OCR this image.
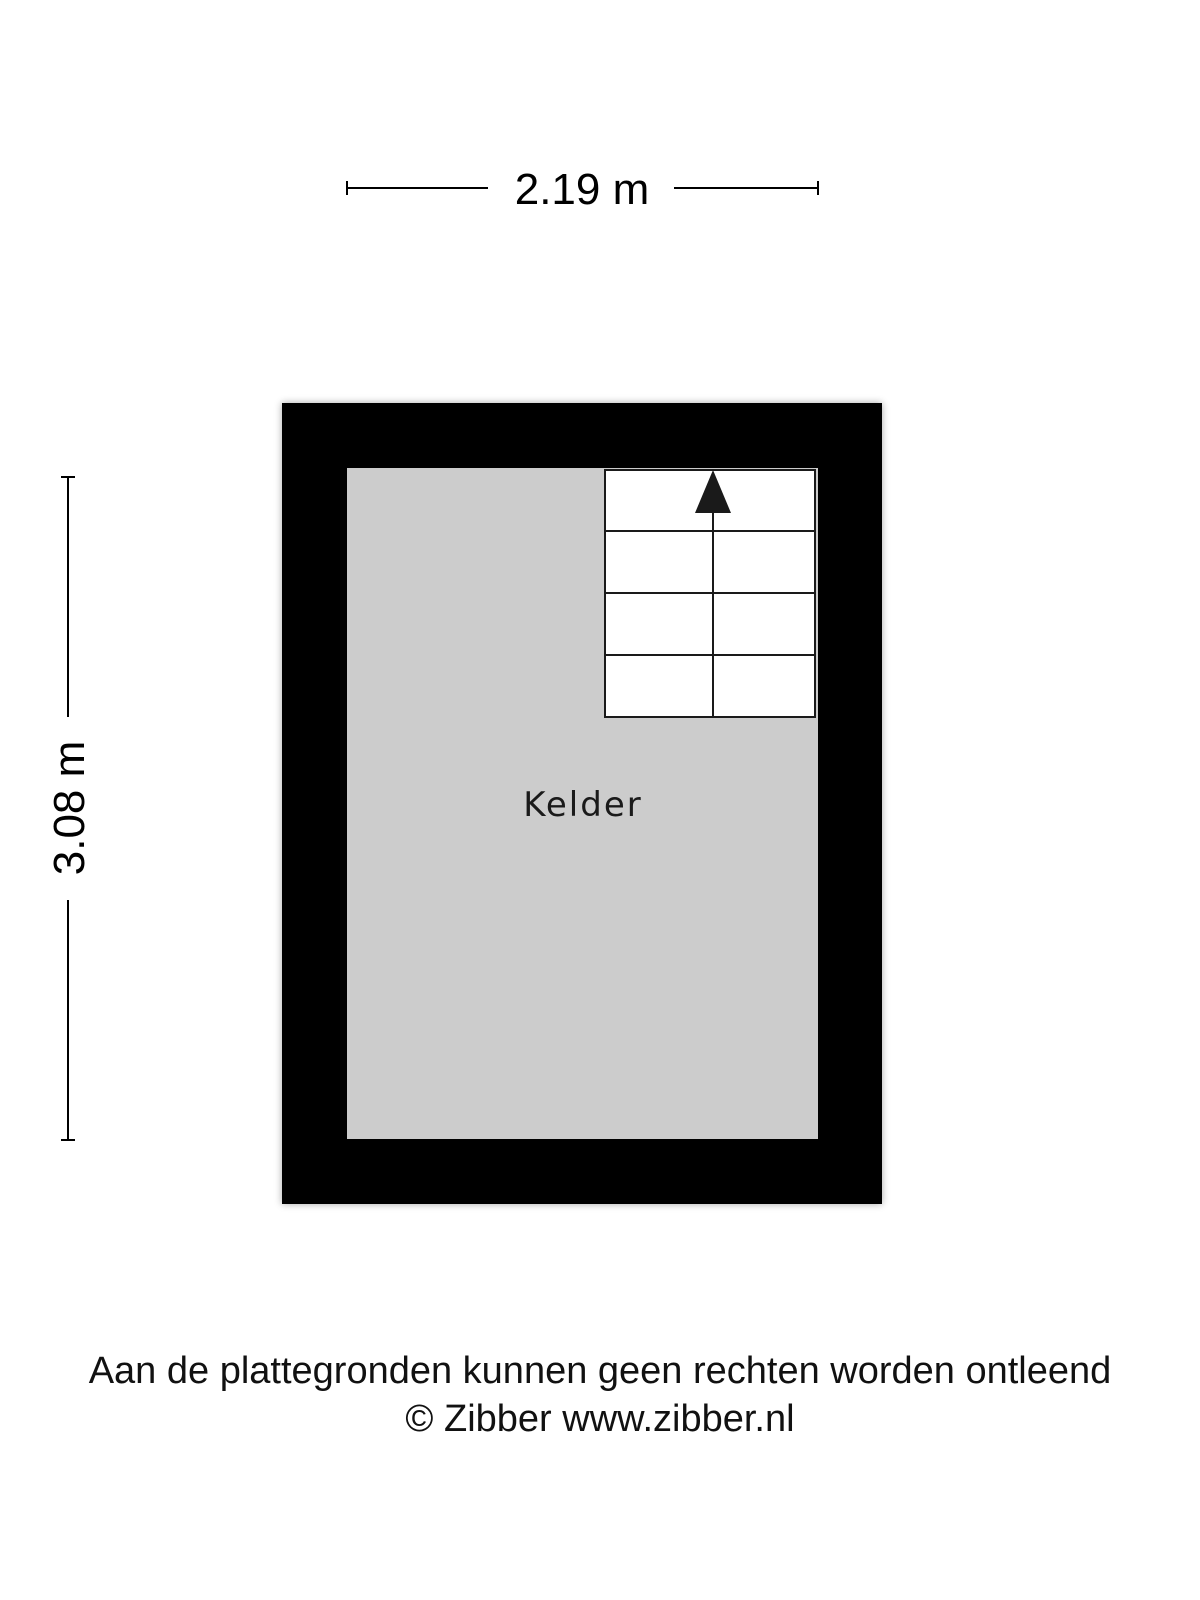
2.19 m
3.08 m	Kelder
Aan de plattegronden kunnen geen rechten worden ontleend
© Zibber www.zibber.nl
